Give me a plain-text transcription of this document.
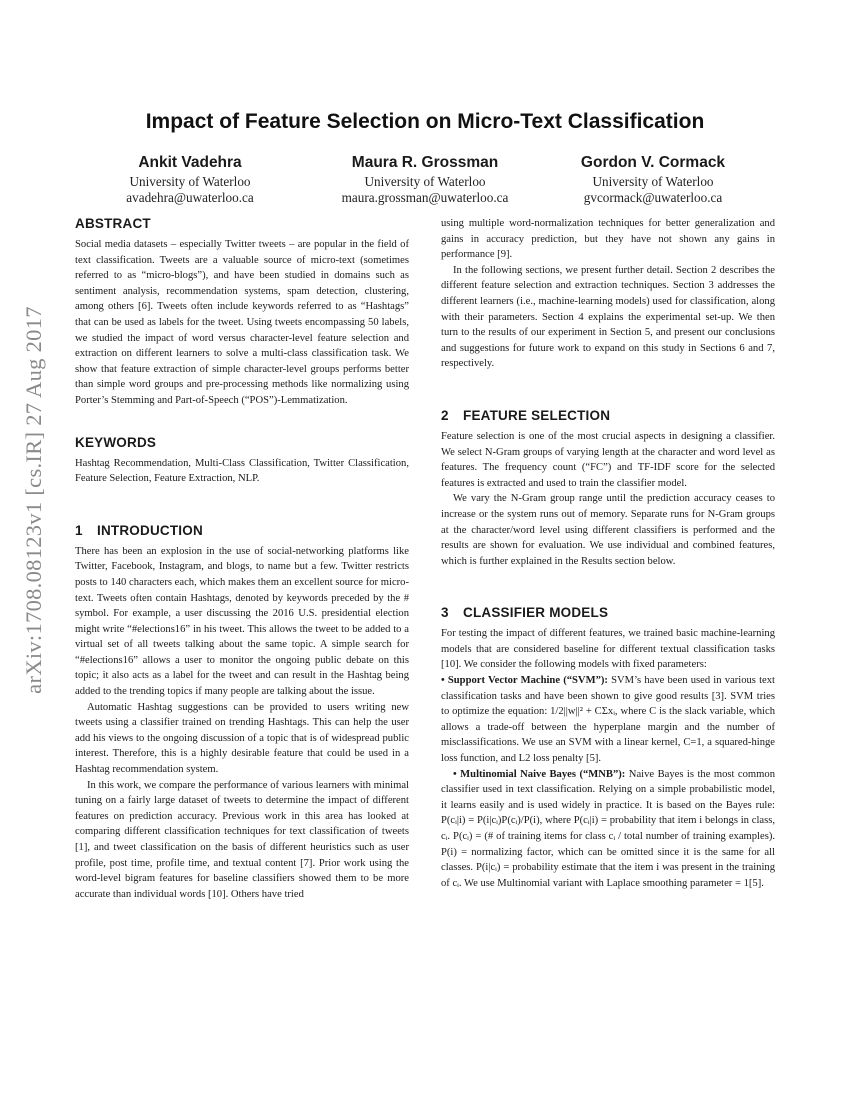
arXiv:1708.08123v1 [cs.IR] 27 Aug 2017
Impact of Feature Selection on Micro-Text Classification
Ankit Vadehra
University of Waterloo
avadehra@uwaterloo.ca
Maura R. Grossman
University of Waterloo
maura.grossman@uwaterloo.ca
Gordon V. Cormack
University of Waterloo
gvcormack@uwaterloo.ca
ABSTRACT

Social media datasets – especially Twitter tweets – are popular in the field of text classification. Tweets are a valuable source of micro-text (sometimes referred to as “micro-blogs”), and have been studied in domains such as sentiment analysis, recommendation systems, spam detection, clustering, among others [6]. Tweets often include keywords referred to as “Hashtags” that can be used as labels for the tweet. Using tweets encompassing 50 labels, we studied the impact of word versus character-level feature selection and extraction on different learners to solve a multi-class classification task. We show that feature extraction of simple character-level groups performs better than simple word groups and pre-processing methods like normalizing using Porter’s Stemming and Part-of-Speech (“POS”)-Lemmatization.

KEYWORDS

Hashtag Recommendation, Multi-Class Classification, Twitter Classification, Feature Selection, Feature Extraction, NLP.

1 INTRODUCTION

There has been an explosion in the use of social-networking platforms like Twitter, Facebook, Instagram, and blogs, to name but a few. Twitter restricts posts to 140 characters each, which makes them an excellent source for micro-text. Tweets often contain Hashtags, denoted by keywords preceded by the # symbol. For example, a user discussing the 2016 U.S. presidential election might write “#elections16” in his tweet. This allows the tweet to be added to a virtual set of all tweets talking about the same topic. A simple search for “#elections16” allows a user to monitor the ongoing public debate on this topic; it also acts as a label for the tweet and can result in the Hashtag being added to the trending topics if many people are talking about the issue.

Automatic Hashtag suggestions can be provided to users writing new tweets using a classifier trained on trending Hashtags. This can help the user add his views to the ongoing discussion of a topic that is of widespread public interest. Therefore, this is a highly desirable feature that could be used in a Hashtag recommendation system.

In this work, we compare the performance of various learners with minimal tuning on a fairly large dataset of tweets to determine the impact of different features on prediction accuracy. Previous work in this area has looked at comparing different classification techniques for text classification of tweets [1], and tweet classification on the basis of different heuristics such as user profile, post time, profile time, and textual content [7]. Prior work using the word-level bigram features for baseline classifiers showed them to be more accurate than individual words [10]. Others have tried

using multiple word-normalization techniques for better generalization and gains in accuracy prediction, but they have not shown any gains in performance [9].

In the following sections, we present further detail. Section 2 describes the different feature selection and extraction techniques. Section 3 addresses the different learners (i.e., machine-learning models) used for classification, along with their parameters. Section 4 explains the experimental set-up. We then turn to the results of our experiment in Section 5, and present our conclusions and suggestions for future work to expand on this study in Sections 6 and 7, respectively.

2 FEATURE SELECTION

Feature selection is one of the most crucial aspects in designing a classifier. We select N-Gram groups of varying length at the character and word level as features. The frequency count (“FC”) and TF-IDF score for the selected features is extracted and used to train the classifier model.

We vary the N-Gram group range until the prediction accuracy ceases to increase or the system runs out of memory. Separate runs for N-Gram groups at the character/word level using different classifiers is performed and the results are shown for evaluation. We use individual and combined features, which is further explained in the Results section below.

3 CLASSIFIER MODELS

For testing the impact of different features, we trained basic machine-learning models that are considered baseline for different textual classification tasks [10]. We consider the following models with fixed parameters:

• Support Vector Machine (“SVM”): SVM’s have been used in various text classification tasks and have been shown to give good results [3]. SVM tries to optimize the equation: 1/2||w||² + CΣxᵢ, where C is the slack variable, which allows a trade-off between the hyperplane margin and the number of misclassifications. We use an SVM with a linear kernel, C=1, a squared-hinge loss function, and L2 loss penalty [5].

• Multinomial Naive Bayes (“MNB”): Naive Bayes is the most common classifier used in text classification. Relying on a simple probabilistic model, it learns easily and is used widely in practice. It is based on the Bayes rule: P(cᵢ|i) = P(i|cᵢ)P(cᵢ)/P(i), where P(cᵢ|i) = probability that item i belongs in class, cᵢ. P(cᵢ) = (# of training items for class cᵢ / total number of training examples). P(i) = normalizing factor, which can be omitted since it is the same for all classes. P(i|cᵢ) = probability estimate that the item i was present in the training of cᵢ. We use Multinomial variant with Laplace smoothing parameter = 1[5].
